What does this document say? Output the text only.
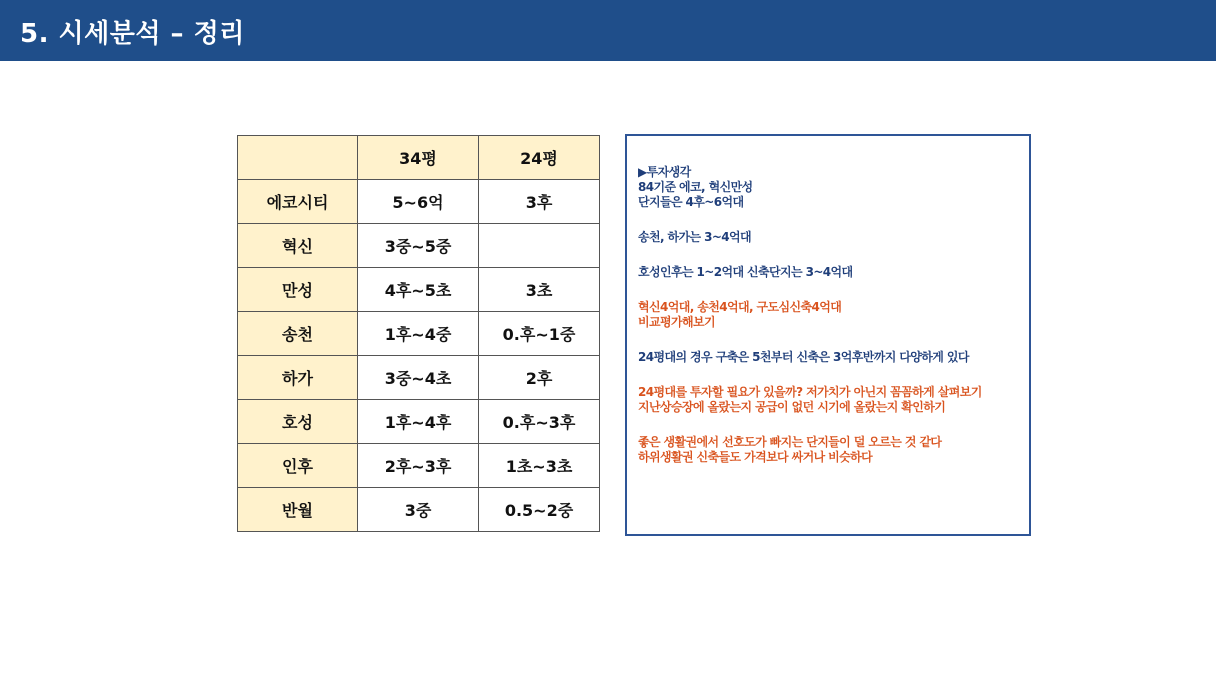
5. 시세분석 – 정리
	34평	24평
에코시티	5~6억	3후
혁신	3중~5중	
만성	4후~5초	3초
송천	1후~4중	0.후~1중
하가	3중~4초	2후
호성	1후~4후	0.후~3후
인후	2후~3후	1초~3초
반월	3중	0.5~2중

▶투자생각

84기준 에코, 혁신만성

단지들은 4후~6억대

송천, 하가는 3~4억대

호성인후는 1~2억대 신축단지는 3~4억대

혁신4억대, 송천4억대, 구도심신축4억대

비교평가해보기

24평대의 경우 구축은 5천부터 신축은 3억후반까지 다양하게 있다

24평대를 투자할 필요가 있을까? 저가치가 아닌지 꼼꼼하게 살펴보기

지난상승장에 올랐는지 공급이 없던 시기에 올랐는지 확인하기

좋은 생활권에서 선호도가 빠지는 단지들이 덜 오르는 것 같다

하위생활권 신축들도 가격보다 싸거나 비슷하다
